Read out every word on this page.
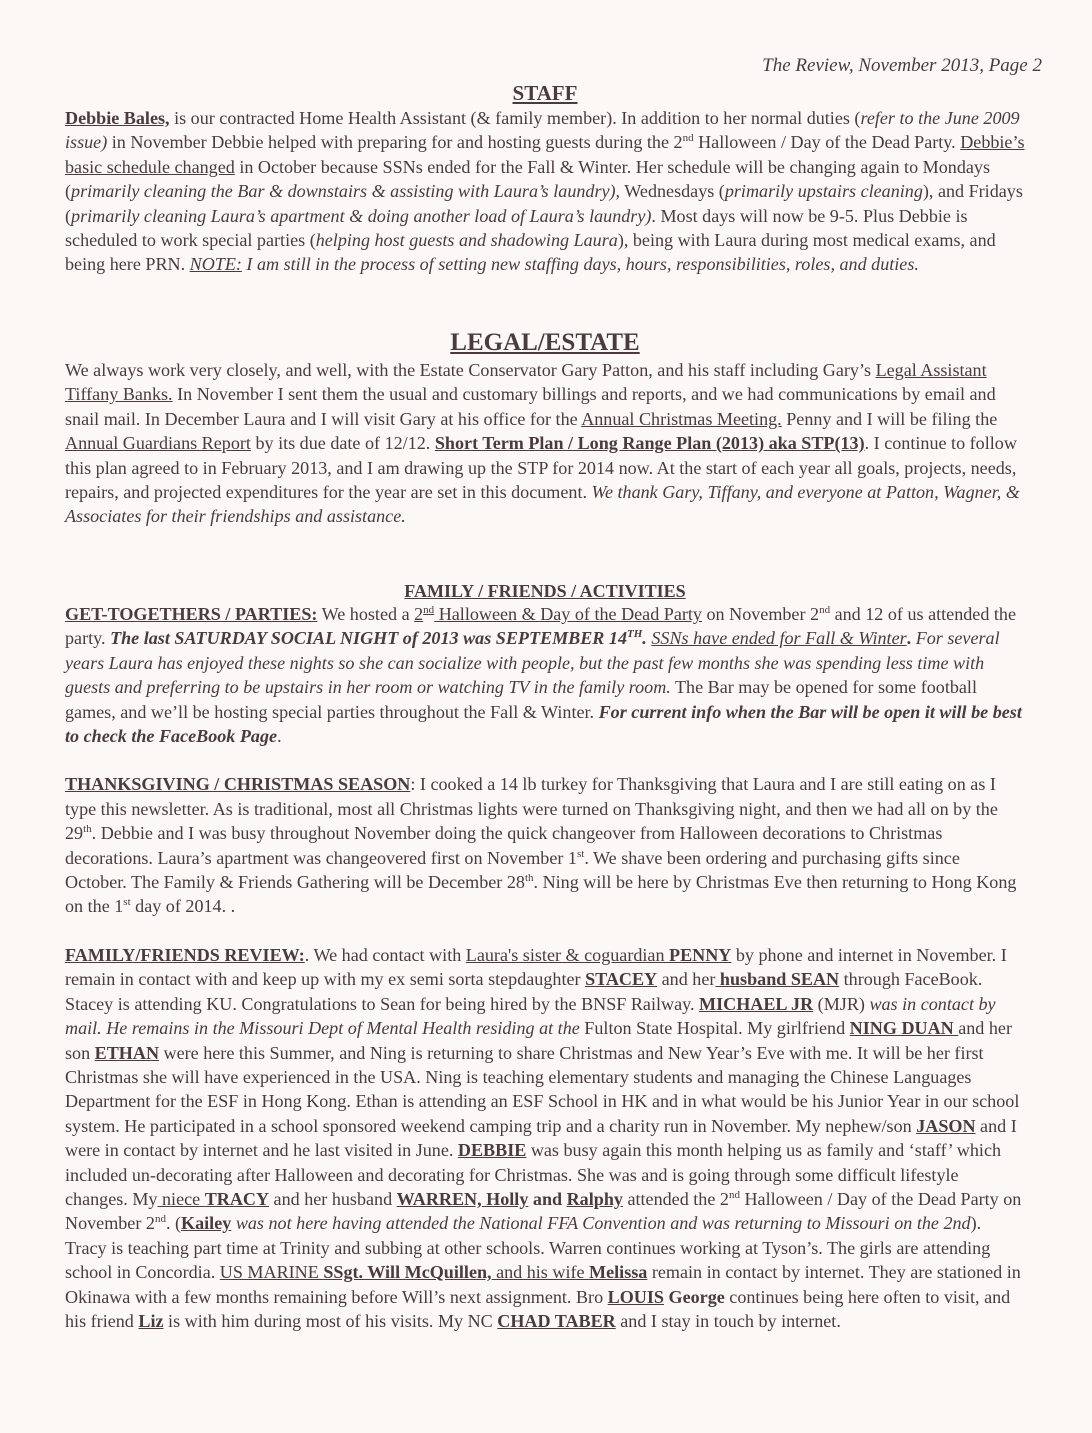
The Review, November 2013, Page 2
STAFF

Debbie Bales, is our contracted Home Health Assistant (& family member). In addition to her normal duties (refer to the June 2009 issue) in November Debbie helped with preparing for and hosting guests during the 2nd Halloween / Day of the Dead Party. Debbie’s basic schedule changed in October because SSNs ended for the Fall & Winter. Her schedule will be changing again to Mondays (primarily cleaning the Bar & downstairs & assisting with Laura’s laundry), Wednesdays (primarily upstairs cleaning), and Fridays (primarily cleaning Laura’s apartment & doing another load of Laura’s laundry). Most days will now be 9-5. Plus Debbie is scheduled to work special parties (helping host guests and shadowing Laura), being with Laura during most medical exams, and being here PRN. NOTE: I am still in the process of setting new staffing days, hours, responsibilities, roles, and duties.

LEGAL/ESTATE

We always work very closely, and well, with the Estate Conservator Gary Patton, and his staff including Gary’s Legal Assistant Tiffany Banks. In November I sent them the usual and customary billings and reports, and we had communications by email and snail mail. In December Laura and I will visit Gary at his office for the Annual Christmas Meeting. Penny and I will be filing the Annual Guardians Report by its due date of 12/12. Short Term Plan / Long Range Plan (2013) aka STP(13). I continue to follow this plan agreed to in February 2013, and I am drawing up the STP for 2014 now. At the start of each year all goals, projects, needs, repairs, and projected expenditures for the year are set in this document. We thank Gary, Tiffany, and everyone at Patton, Wagner, & Associates for their friendships and assistance.

FAMILY / FRIENDS / ACTIVITIES

GET-TOGETHERS / PARTIES: We hosted a 2nd Halloween & Day of the Dead Party on November 2nd and 12 of us attended the party. The last SATURDAY SOCIAL NIGHT of 2013 was SEPTEMBER 14TH. SSNs have ended for Fall & Winter. For several years Laura has enjoyed these nights so she can socialize with people, but the past few months she was spending less time with guests and preferring to be upstairs in her room or watching TV in the family room. The Bar may be opened for some football games, and we’ll be hosting special parties throughout the Fall & Winter. For current info when the Bar will be open it will be best to check the FaceBook Page.

THANKSGIVING / CHRISTMAS SEASON: I cooked a 14 lb turkey for Thanksgiving that Laura and I are still eating on as I type this newsletter. As is traditional, most all Christmas lights were turned on Thanksgiving night, and then we had all on by the 29th. Debbie and I was busy throughout November doing the quick changeover from Halloween decorations to Christmas decorations. Laura’s apartment was changeovered first on November 1st. We shave been ordering and purchasing gifts since October. The Family & Friends Gathering will be December 28th. Ning will be here by Christmas Eve then returning to Hong Kong on the 1st day of 2014. .

FAMILY/FRIENDS REVIEW:. We had contact with Laura's sister & coguardian PENNY by phone and internet in November. I remain in contact with and keep up with my ex semi sorta stepdaughter STACEY and her husband SEAN through FaceBook. Stacey is attending KU. Congratulations to Sean for being hired by the BNSF Railway. MICHAEL JR (MJR) was in contact by mail. He remains in the Missouri Dept of Mental Health residing at the Fulton State Hospital. My girlfriend NING DUAN and her son ETHAN were here this Summer, and Ning is returning to share Christmas and New Year’s Eve with me. It will be her first Christmas she will have experienced in the USA. Ning is teaching elementary students and managing the Chinese Languages Department for the ESF in Hong Kong. Ethan is attending an ESF School in HK and in what would be his Junior Year in our school system. He participated in a school sponsored weekend camping trip and a charity run in November. My nephew/son JASON and I were in contact by internet and he last visited in June. DEBBIE was busy again this month helping us as family and ‘staff’ which included un-decorating after Halloween and decorating for Christmas. She was and is going through some difficult lifestyle changes. My niece TRACY and her husband WARREN, Holly and Ralphy attended the 2nd Halloween / Day of the Dead Party on November 2nd. (Kailey was not here having attended the National FFA Convention and was returning to Missouri on the 2nd). Tracy is teaching part time at Trinity and subbing at other schools. Warren continues working at Tyson’s. The girls are attending school in Concordia. US MARINE SSgt. Will McQuillen, and his wife Melissa remain in contact by internet. They are stationed in Okinawa with a few months remaining before Will’s next assignment. Bro LOUIS George continues being here often to visit, and his friend Liz is with him during most of his visits. My NC CHAD TABER and I stay in touch by internet.
